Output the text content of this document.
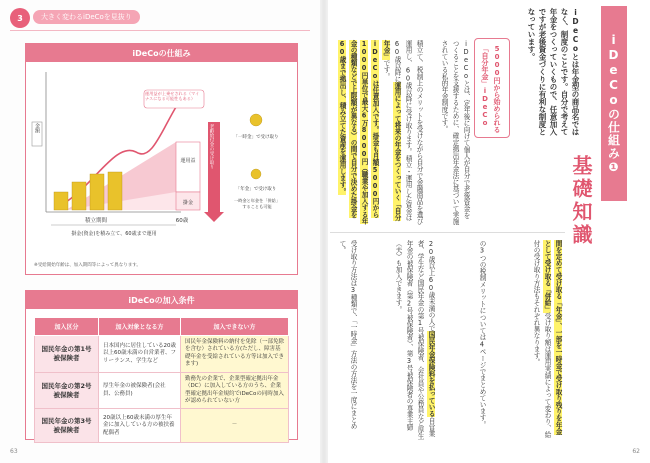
3	大きく変わるiDeCoを見抜り
iDeCoの仕組み
金額
積立期間
掛金(資金)を積み立て、60歳まで運用
60歳
運用益
掛金
運用益が上乗せされる（マイナスになる可能性もある）
老齢給付金の受け取り	「一時金」で受け取り
「年金」で受け取り
一時金と年金を「併給」することも可能
※受給開始年齢は、加入期間等によって異なります。
iDeCoの加入条件
加入区分	加入対象となる方	加入できない方
国民年金の第1号被保険者	日本国内に居住している20歳以上60歳未満の自営業者、フリーランス、学生など	国民年金保険料の納付を免除（一部免除を含む）されている方(ただし、障害基礎年金を受給されている方等は加入できます)
国民年金の第2号被保険者	厚生年金の被保険者(会社員、公務員)	勤務先の企業で、企業型確定拠出年金（DC）に加入している方のうち、企業型確定拠出年金規約でiDeCoの同時加入が認められていない方
国民年金の第3号被保険者	20歳以上60歳未満の厚生年金に加入している方の被扶養配偶者	－
63	62
iDeCoの仕組み❶
基礎知識
iDeCoとは年金型の商品名ではなく、制度のことです。自分で考えて年金をつくっていくもので、任意加入ですが老後資金づくりに有利な制度となっています。
5000円から始められる「自分年金」iDeCo
iDeCoとは、定年後に向けて個人が自分で老後資金をつくることを支援するために、確定拠出年金法に基づいて実施されている私的年金制度です。
積立て、税制上のメリットを受けながら自分で金融商品を選び運用し、60歳以降に受け取ります。積立・運用した資金は60歳以降に運用によって将来の年金をつくっていく「自分年金」です。
iDeCoは任意加入です。掛金も月額5000円から1000円単位で最大6万8000円（職業や加入する年金の種類などで上限額が異なる）の間で自分で決めた掛金を60歳まで拠出し、積み立てた資産を運用します。
受け取り方法は3種類で、「一時金」方法の方法を一度にまとめて。	20歳以上60歳未満の人で国民年金保険料を払っている自営業者、学生など国民年金の第1号被保険者、会社員や公務員など厚生年金の被保険者（第2号被保険者）、第3号被保険者の専業主婦（夫）も加入できます。	の3つの税制メリットについては4ページでまとめています。	間を定めて受け取る「年金」、一部を一時金で受け取り残りを年金として受け取る「併給」受け取り額は運用実績によって変わり、給付の受け取り方法もそれぞれ異なります。
